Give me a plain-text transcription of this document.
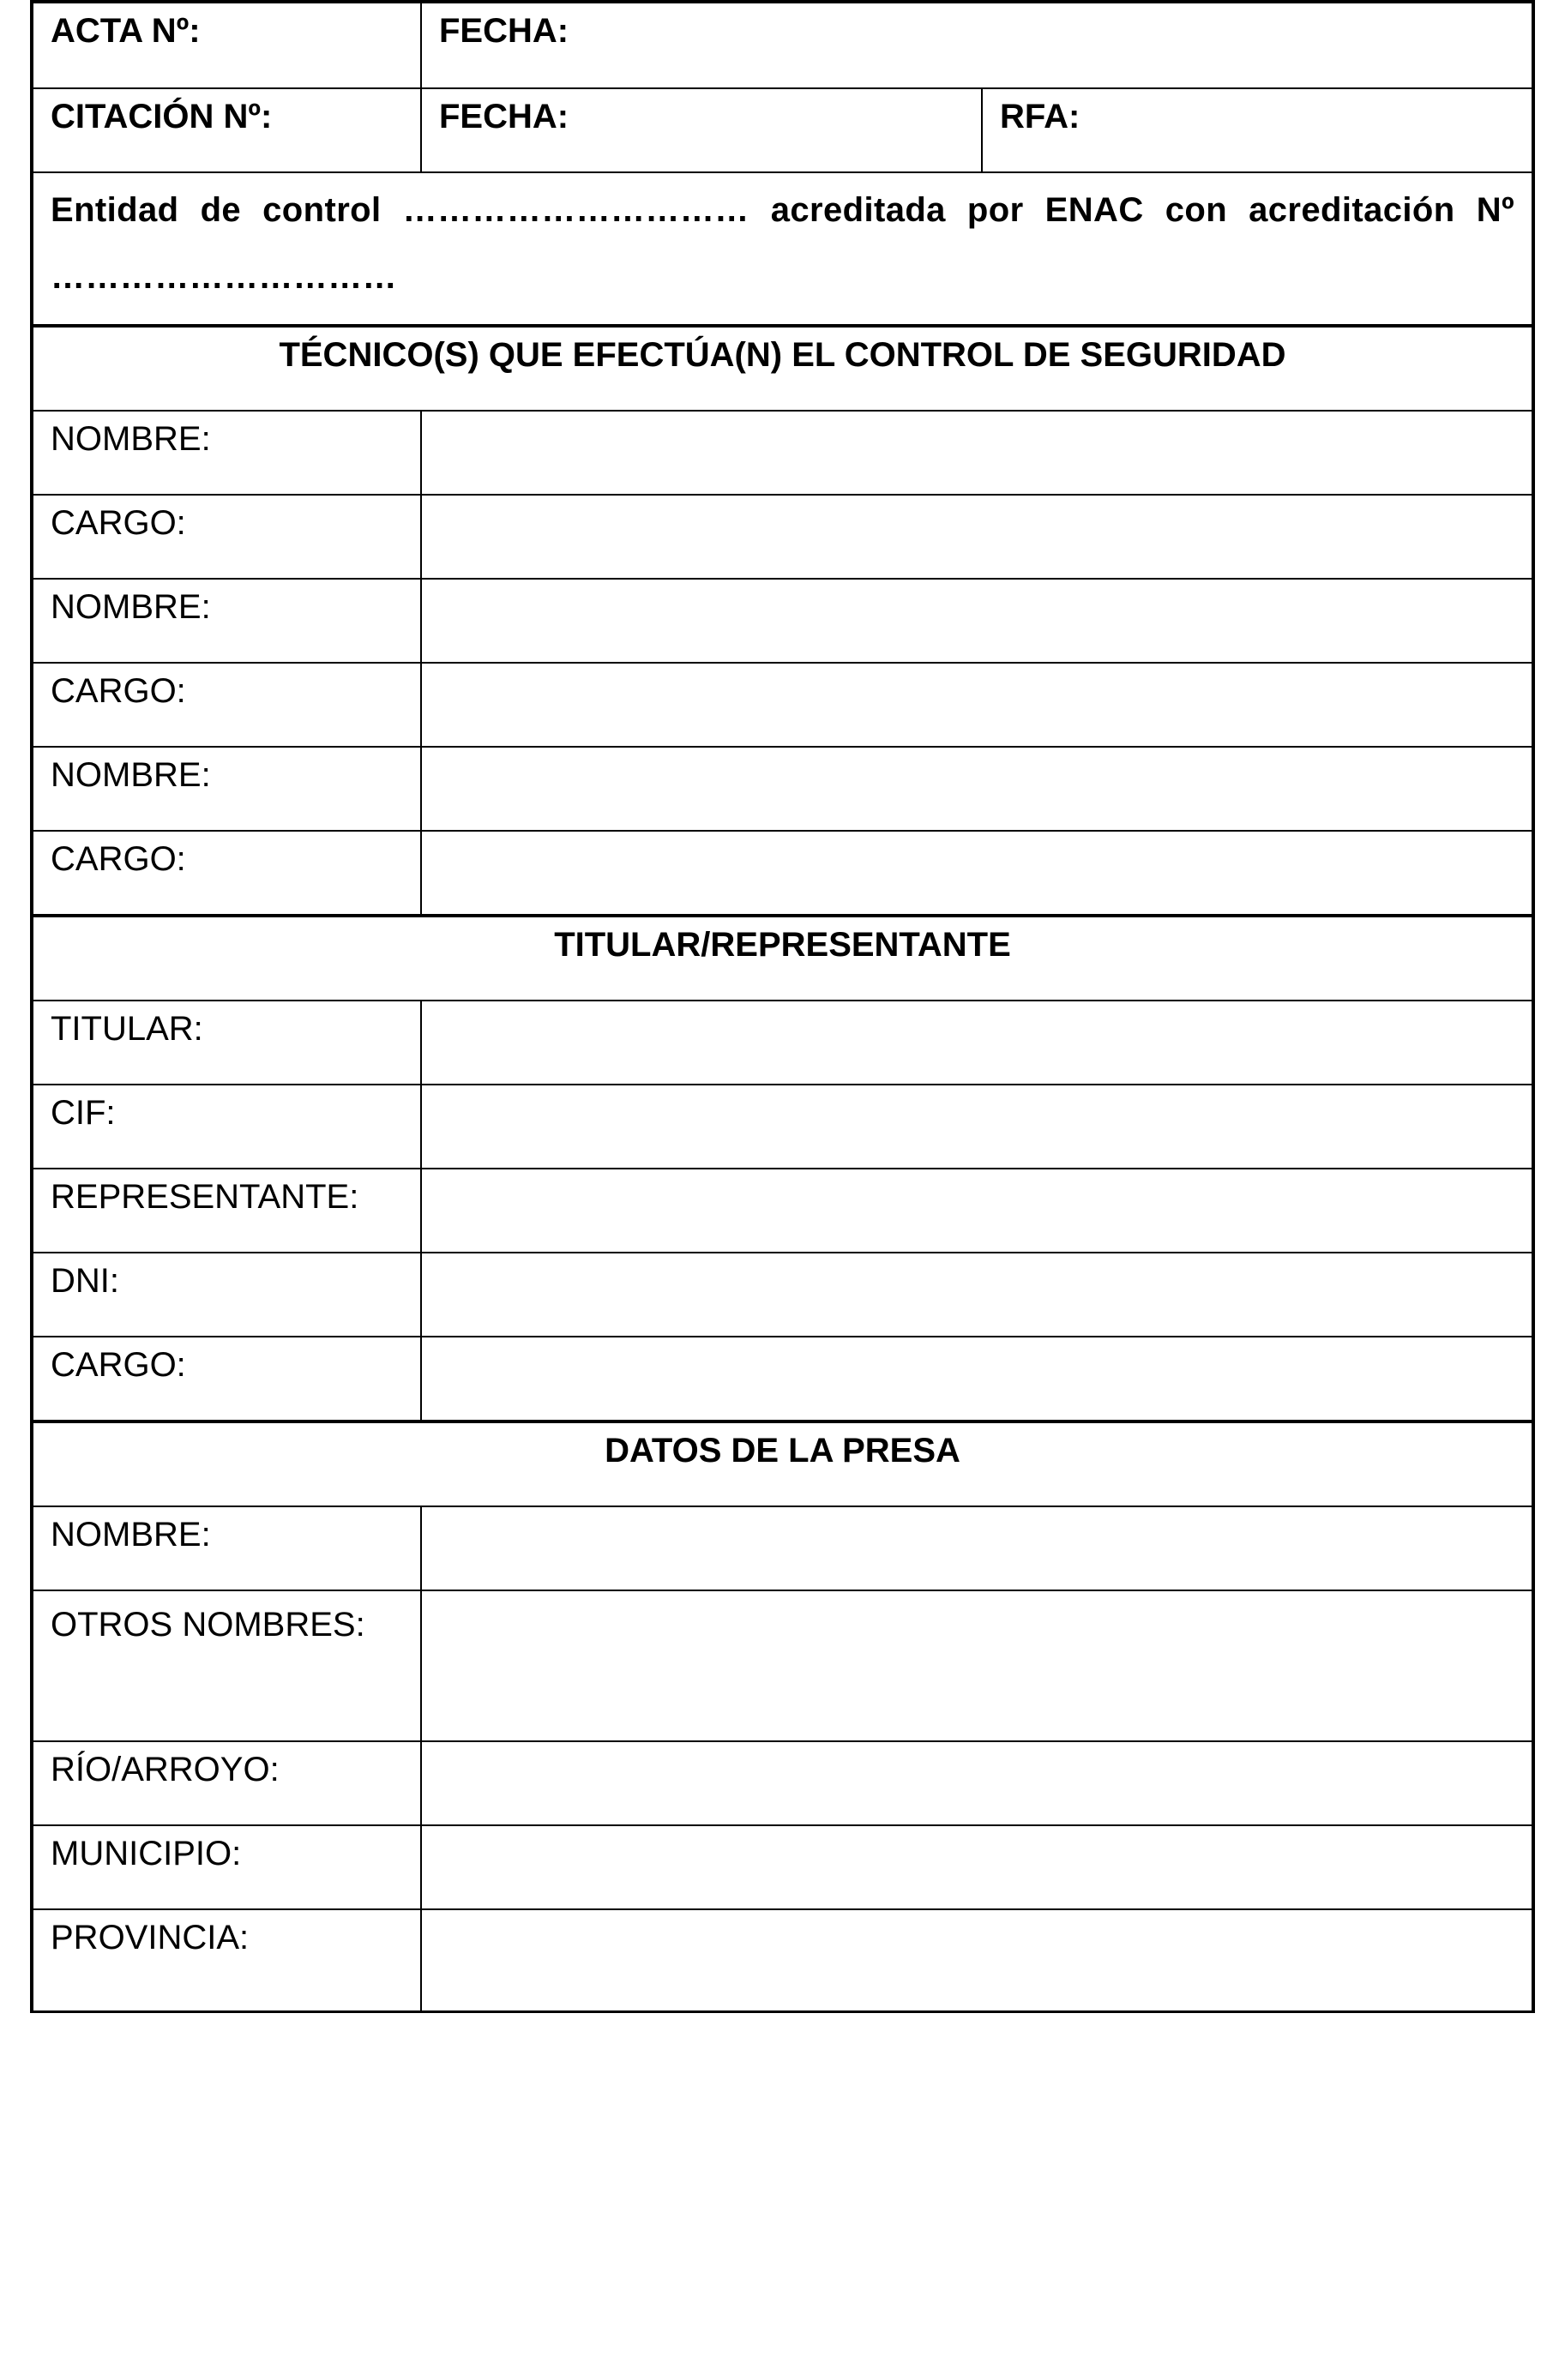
ACTA Nº:	FECHA:
CITACIÓN Nº:	FECHA:	RFA:
Entidad de control ………………………… acreditada por ENAC con acreditación Nº …………………………
TÉCNICO(S) QUE EFECTÚA(N) EL CONTROL DE SEGURIDAD
NOMBRE:
CARGO:
NOMBRE:
CARGO:
NOMBRE:
CARGO:
TITULAR/REPRESENTANTE
TITULAR:
CIF:
REPRESENTANTE:
DNI:
CARGO:
DATOS DE LA PRESA
NOMBRE:
OTROS NOMBRES:
RÍO/ARROYO:
MUNICIPIO:
PROVINCIA:
